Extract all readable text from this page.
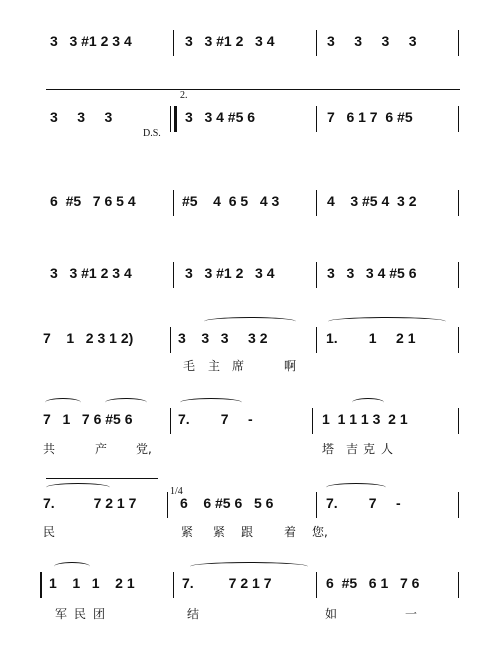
3   3 #1 2 3 4	3   3 #1 2   3 4	3     3     3     3
3     3     3
D.S.
2.
3   3 4 #5 6	7   6 1 7  6 #5
6  #5   7 6 5 4	#5    4  6 5   4 3	4    3 #5 4  3 2
3   3 #1 2 3 4	3   3 #1 2   3 4	3   3   3 4 #5 6
7    1   2 3 1 2)	3    3   3     3 2	1.        1     2 1
毛 主 席	啊
7   1   7 6 #5 6	7.        7     -	1  1 1 1 3  2 1
共	产 党,	塔 吉 克 人
7.          7 2 1 7
1/4
6    6 #5 6   5 6	7.        7     -
民	紧 紧 跟	着 您,
1    1   1    2 1	7.         7 2 1 7	6  #5   6 1   7 6
军 民 团	结	如	一
